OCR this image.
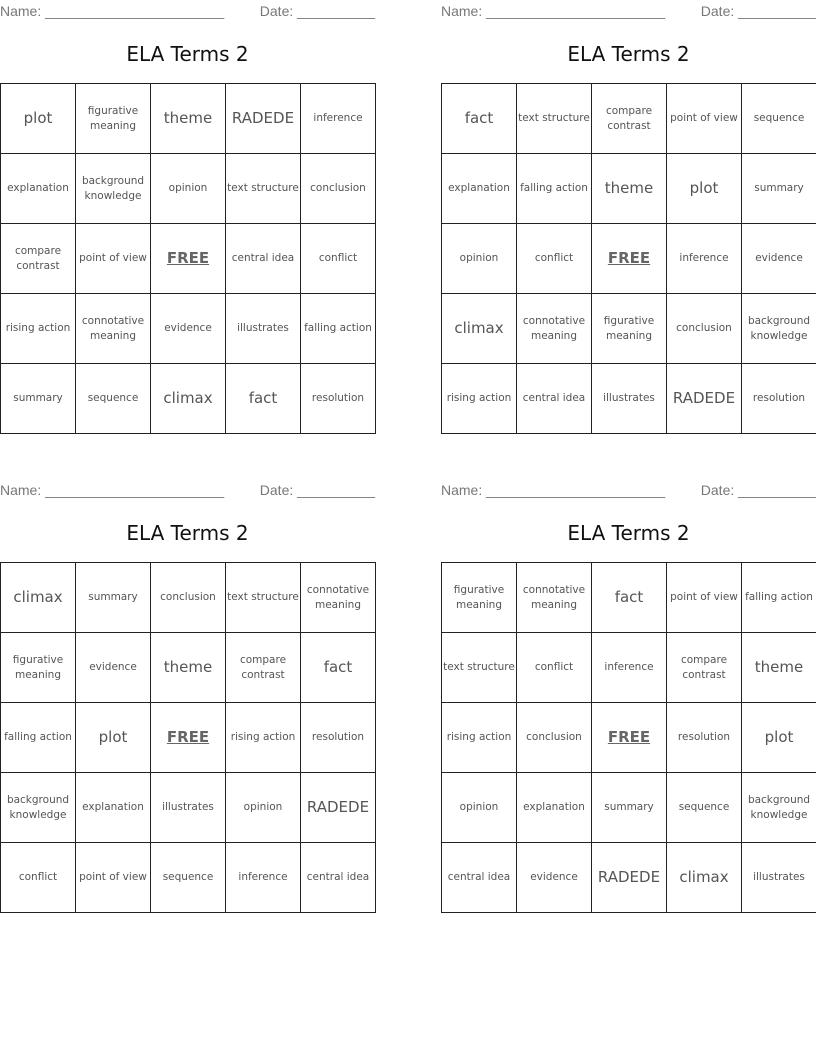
Name: _______________________	Date: __________
ELA Terms 2
plot	figurative meaning	theme	RADEDE	inference
explanation	background knowledge	opinion	text structure	conclusion
compare contrast	point of view	FREE	central idea	conflict
rising action	connotative meaning	evidence	illustrates	falling action
summary	sequence	climax	fact	resolution
Name: _______________________	Date: __________
ELA Terms 2
fact	text structure	compare contrast	point of view	sequence
explanation	falling action	theme	plot	summary
opinion	conflict	FREE	inference	evidence
climax	connotative meaning	figurative meaning	conclusion	background knowledge
rising action	central idea	illustrates	RADEDE	resolution
Name: _______________________	Date: __________
ELA Terms 2
climax	summary	conclusion	text structure	connotative meaning
figurative meaning	evidence	theme	compare contrast	fact
falling action	plot	FREE	rising action	resolution
background knowledge	explanation	illustrates	opinion	RADEDE
conflict	point of view	sequence	inference	central idea
Name: _______________________	Date: __________
ELA Terms 2
figurative meaning	connotative meaning	fact	point of view	falling action
text structure	conflict	inference	compare contrast	theme
rising action	conclusion	FREE	resolution	plot
opinion	explanation	summary	sequence	background knowledge
central idea	evidence	RADEDE	climax	illustrates
